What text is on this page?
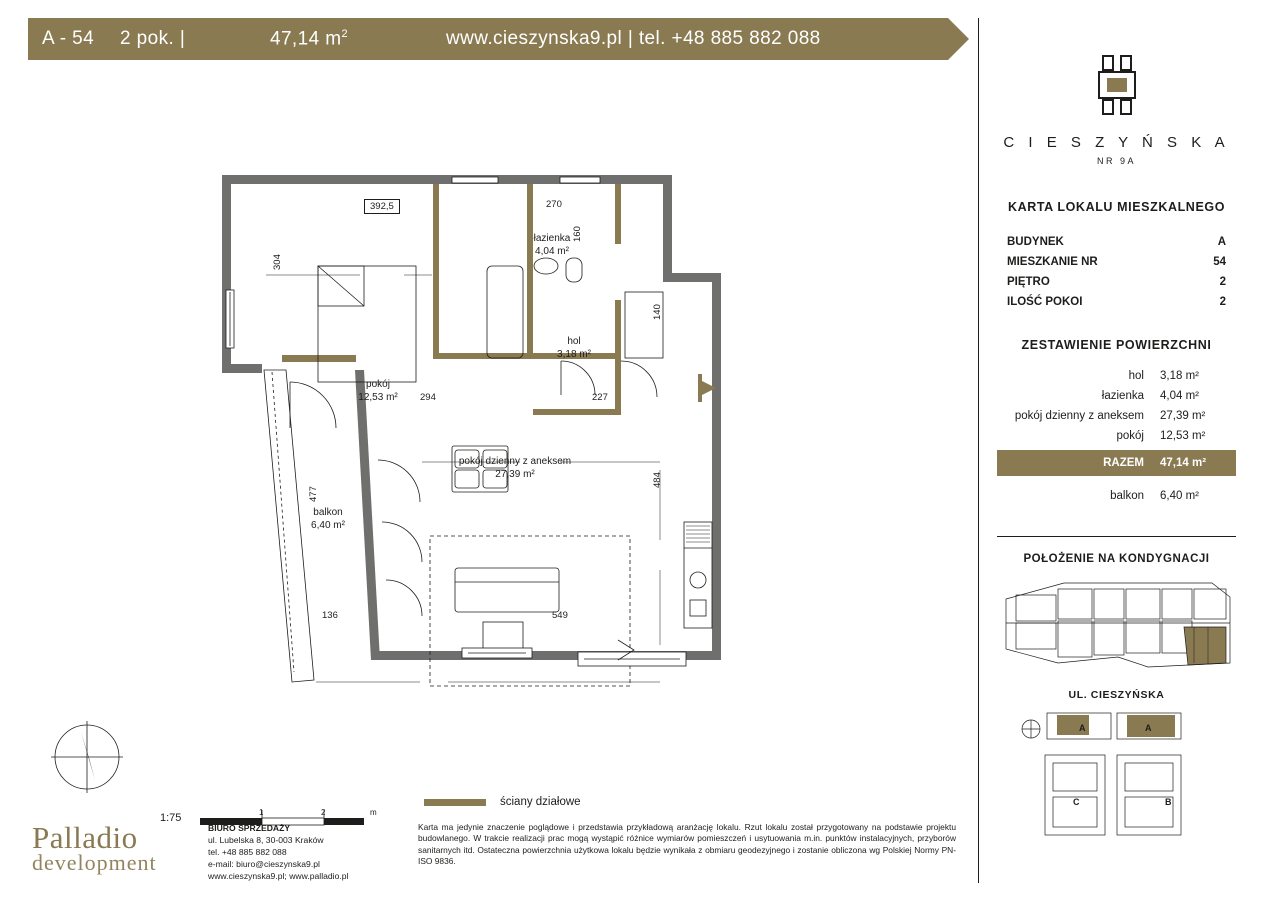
A - 54	2 pok. |	47,14 $m^2$	www.cieszynska9.pl | tel. +48 885 882 088
pokój
12,53 m²
łazienka
4,04 m²
hol
3,18 m²
pokój dzienny z aneksem
27,39 m²
balkon
6,40 m²
392,5	270
160
304
140
294	227
484
477
136	549
1:75	1	2	m
ściany działowe
Palladio
development
BIURO SPRZEDAŻY
ul. Lubelska 8, 30-003 Kraków
tel. +48 885 882 088
e-mail: biuro@cieszynska9.pl
www.cieszynska9.pl; www.palladio.pl
Karta ma jedynie znaczenie poglądowe i przedstawia przykładową aranżację lokalu. Rzut lokalu został przygotowany na podstawie projektu budowlanego. W trakcie realizacji prac mogą wystąpić różnice wymiarów pomieszczeń i usytuowania m.in. punktów instalacyjnych, przyborów sanitarnych itd. Ostateczna powierzchnia użytkowa lokalu będzie wynikała z obmiaru geodezyjnego i zostanie obliczona wg Polskiej Normy PN-ISO 9836.
C I E S Z Y Ń S K A
NR 9A
KARTA LOKALU MIESZKALNEGO
BUDYNEK	A
MIESZKANIE NR	54
PIĘTRO	2
ILOŚĆ POKOI	2
ZESTAWIENIE POWIERZCHNI
hol	3,18 m²
łazienka	4,04 m²
pokój dzienny z aneksem	27,39 m²
pokój	12,53 m²
RAZEM	47,14 m²
balkon	6,40 m²
POŁOŻENIE NA KONDYGNACJI
UL. CIESZYŃSKA
A	A
C	B
